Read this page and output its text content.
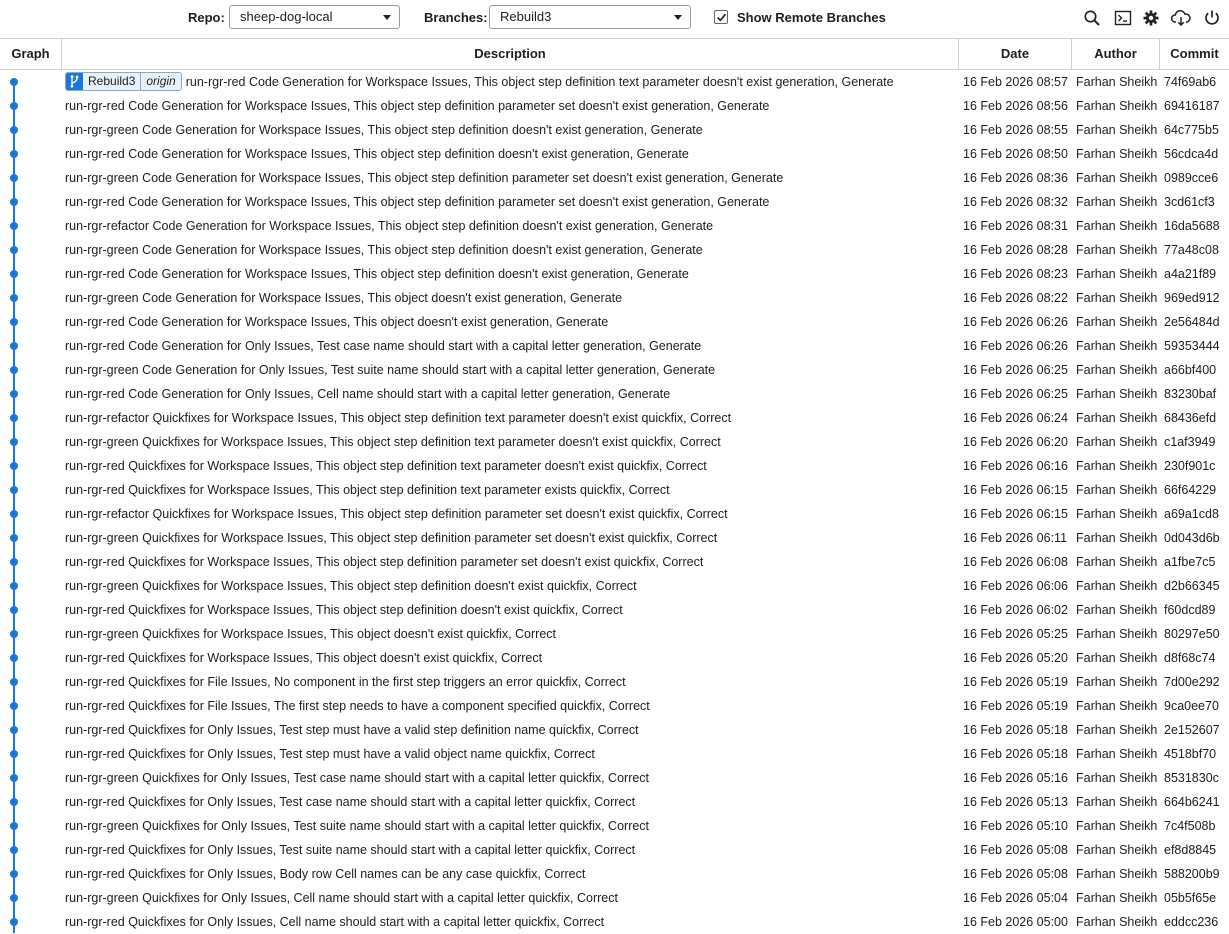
Repo:	sheep-dog-local	Branches: Rebuild3	Show Remote Branches
Graph	Description	Date	Author	Commit
Rebuild3 origin run-rgr-red Code Generation for Workspace Issues, This object step definition text parameter doesn't exist generation, Generate	16 Feb 2026 08:57 Farhan Sheikh 74f69ab6
run-rgr-red Code Generation for Workspace Issues, This object step definition parameter set doesn't exist generation, Generate	16 Feb 2026 08:56 Farhan Sheikh 69416187
run-rgr-green Code Generation for Workspace Issues, This object step definition doesn't exist generation, Generate	16 Feb 2026 08:55 Farhan Sheikh 64c775b5
run-rgr-red Code Generation for Workspace Issues, This object step definition doesn't exist generation, Generate	16 Feb 2026 08:50 Farhan Sheikh 56cdca4d
run-rgr-green Code Generation for Workspace Issues, This object step definition parameter set doesn't exist generation, Generate	16 Feb 2026 08:36 Farhan Sheikh 0989cce6
run-rgr-red Code Generation for Workspace Issues, This object step definition parameter set doesn't exist generation, Generate	16 Feb 2026 08:32 Farhan Sheikh 3cd61cf3
run-rgr-refactor Code Generation for Workspace Issues, This object step definition doesn't exist generation, Generate	16 Feb 2026 08:31 Farhan Sheikh 16da5688
run-rgr-green Code Generation for Workspace Issues, This object step definition doesn't exist generation, Generate	16 Feb 2026 08:28 Farhan Sheikh 77a48c08
run-rgr-red Code Generation for Workspace Issues, This object step definition doesn't exist generation, Generate	16 Feb 2026 08:23 Farhan Sheikh a4a21f89
run-rgr-green Code Generation for Workspace Issues, This object doesn't exist generation, Generate	16 Feb 2026 08:22 Farhan Sheikh 969ed912
run-rgr-red Code Generation for Workspace Issues, This object doesn't exist generation, Generate	16 Feb 2026 06:26 Farhan Sheikh 2e56484d
run-rgr-red Code Generation for Only Issues, Test case name should start with a capital letter generation, Generate	16 Feb 2026 06:26 Farhan Sheikh 59353444
run-rgr-green Code Generation for Only Issues, Test suite name should start with a capital letter generation, Generate	16 Feb 2026 06:25 Farhan Sheikh a66bf400
run-rgr-red Code Generation for Only Issues, Cell name should start with a capital letter generation, Generate	16 Feb 2026 06:25 Farhan Sheikh 83230baf
run-rgr-refactor Quickfixes for Workspace Issues, This object step definition text parameter doesn't exist quickfix, Correct	16 Feb 2026 06:24 Farhan Sheikh 68436efd
run-rgr-green Quickfixes for Workspace Issues, This object step definition text parameter doesn't exist quickfix, Correct	16 Feb 2026 06:20 Farhan Sheikh c1af3949
run-rgr-red Quickfixes for Workspace Issues, This object step definition text parameter doesn't exist quickfix, Correct	16 Feb 2026 06:16 Farhan Sheikh 230f901c
run-rgr-red Quickfixes for Workspace Issues, This object step definition text parameter exists quickfix, Correct	16 Feb 2026 06:15 Farhan Sheikh 66f64229
run-rgr-refactor Quickfixes for Workspace Issues, This object step definition parameter set doesn't exist quickfix, Correct	16 Feb 2026 06:15 Farhan Sheikh a69a1cd8
run-rgr-green Quickfixes for Workspace Issues, This object step definition parameter set doesn't exist quickfix, Correct	16 Feb 2026 06:11 Farhan Sheikh 0d043d6b
run-rgr-red Quickfixes for Workspace Issues, This object step definition parameter set doesn't exist quickfix, Correct	16 Feb 2026 06:08 Farhan Sheikh a1fbe7c5
run-rgr-green Quickfixes for Workspace Issues, This object step definition doesn't exist quickfix, Correct	16 Feb 2026 06:06 Farhan Sheikh d2b66345
run-rgr-red Quickfixes for Workspace Issues, This object step definition doesn't exist quickfix, Correct	16 Feb 2026 06:02 Farhan Sheikh f60dcd89
run-rgr-green Quickfixes for Workspace Issues, This object doesn't exist quickfix, Correct	16 Feb 2026 05:25 Farhan Sheikh 80297e50
run-rgr-red Quickfixes for Workspace Issues, This object doesn't exist quickfix, Correct	16 Feb 2026 05:20 Farhan Sheikh d8f68c74
run-rgr-red Quickfixes for File Issues, No component in the first step triggers an error quickfix, Correct	16 Feb 2026 05:19 Farhan Sheikh 7d00e292
run-rgr-red Quickfixes for File Issues, The first step needs to have a component specified quickfix, Correct	16 Feb 2026 05:19 Farhan Sheikh 9ca0ee70
run-rgr-red Quickfixes for Only Issues, Test step must have a valid step definition name quickfix, Correct	16 Feb 2026 05:18 Farhan Sheikh 2e152607
run-rgr-red Quickfixes for Only Issues, Test step must have a valid object name quickfix, Correct	16 Feb 2026 05:18 Farhan Sheikh 4518bf70
run-rgr-green Quickfixes for Only Issues, Test case name should start with a capital letter quickfix, Correct	16 Feb 2026 05:16 Farhan Sheikh 8531830c
run-rgr-red Quickfixes for Only Issues, Test case name should start with a capital letter quickfix, Correct	16 Feb 2026 05:13 Farhan Sheikh 664b6241
run-rgr-green Quickfixes for Only Issues, Test suite name should start with a capital letter quickfix, Correct	16 Feb 2026 05:10 Farhan Sheikh 7c4f508b
run-rgr-red Quickfixes for Only Issues, Test suite name should start with a capital letter quickfix, Correct	16 Feb 2026 05:08 Farhan Sheikh ef8d8845
run-rgr-red Quickfixes for Only Issues, Body row Cell names can be any case quickfix, Correct	16 Feb 2026 05:08 Farhan Sheikh 588200b9
run-rgr-green Quickfixes for Only Issues, Cell name should start with a capital letter quickfix, Correct	16 Feb 2026 05:04 Farhan Sheikh 05b5f65e
run-rgr-red Quickfixes for Only Issues, Cell name should start with a capital letter quickfix, Correct	16 Feb 2026 05:00 Farhan Sheikh eddcc236
